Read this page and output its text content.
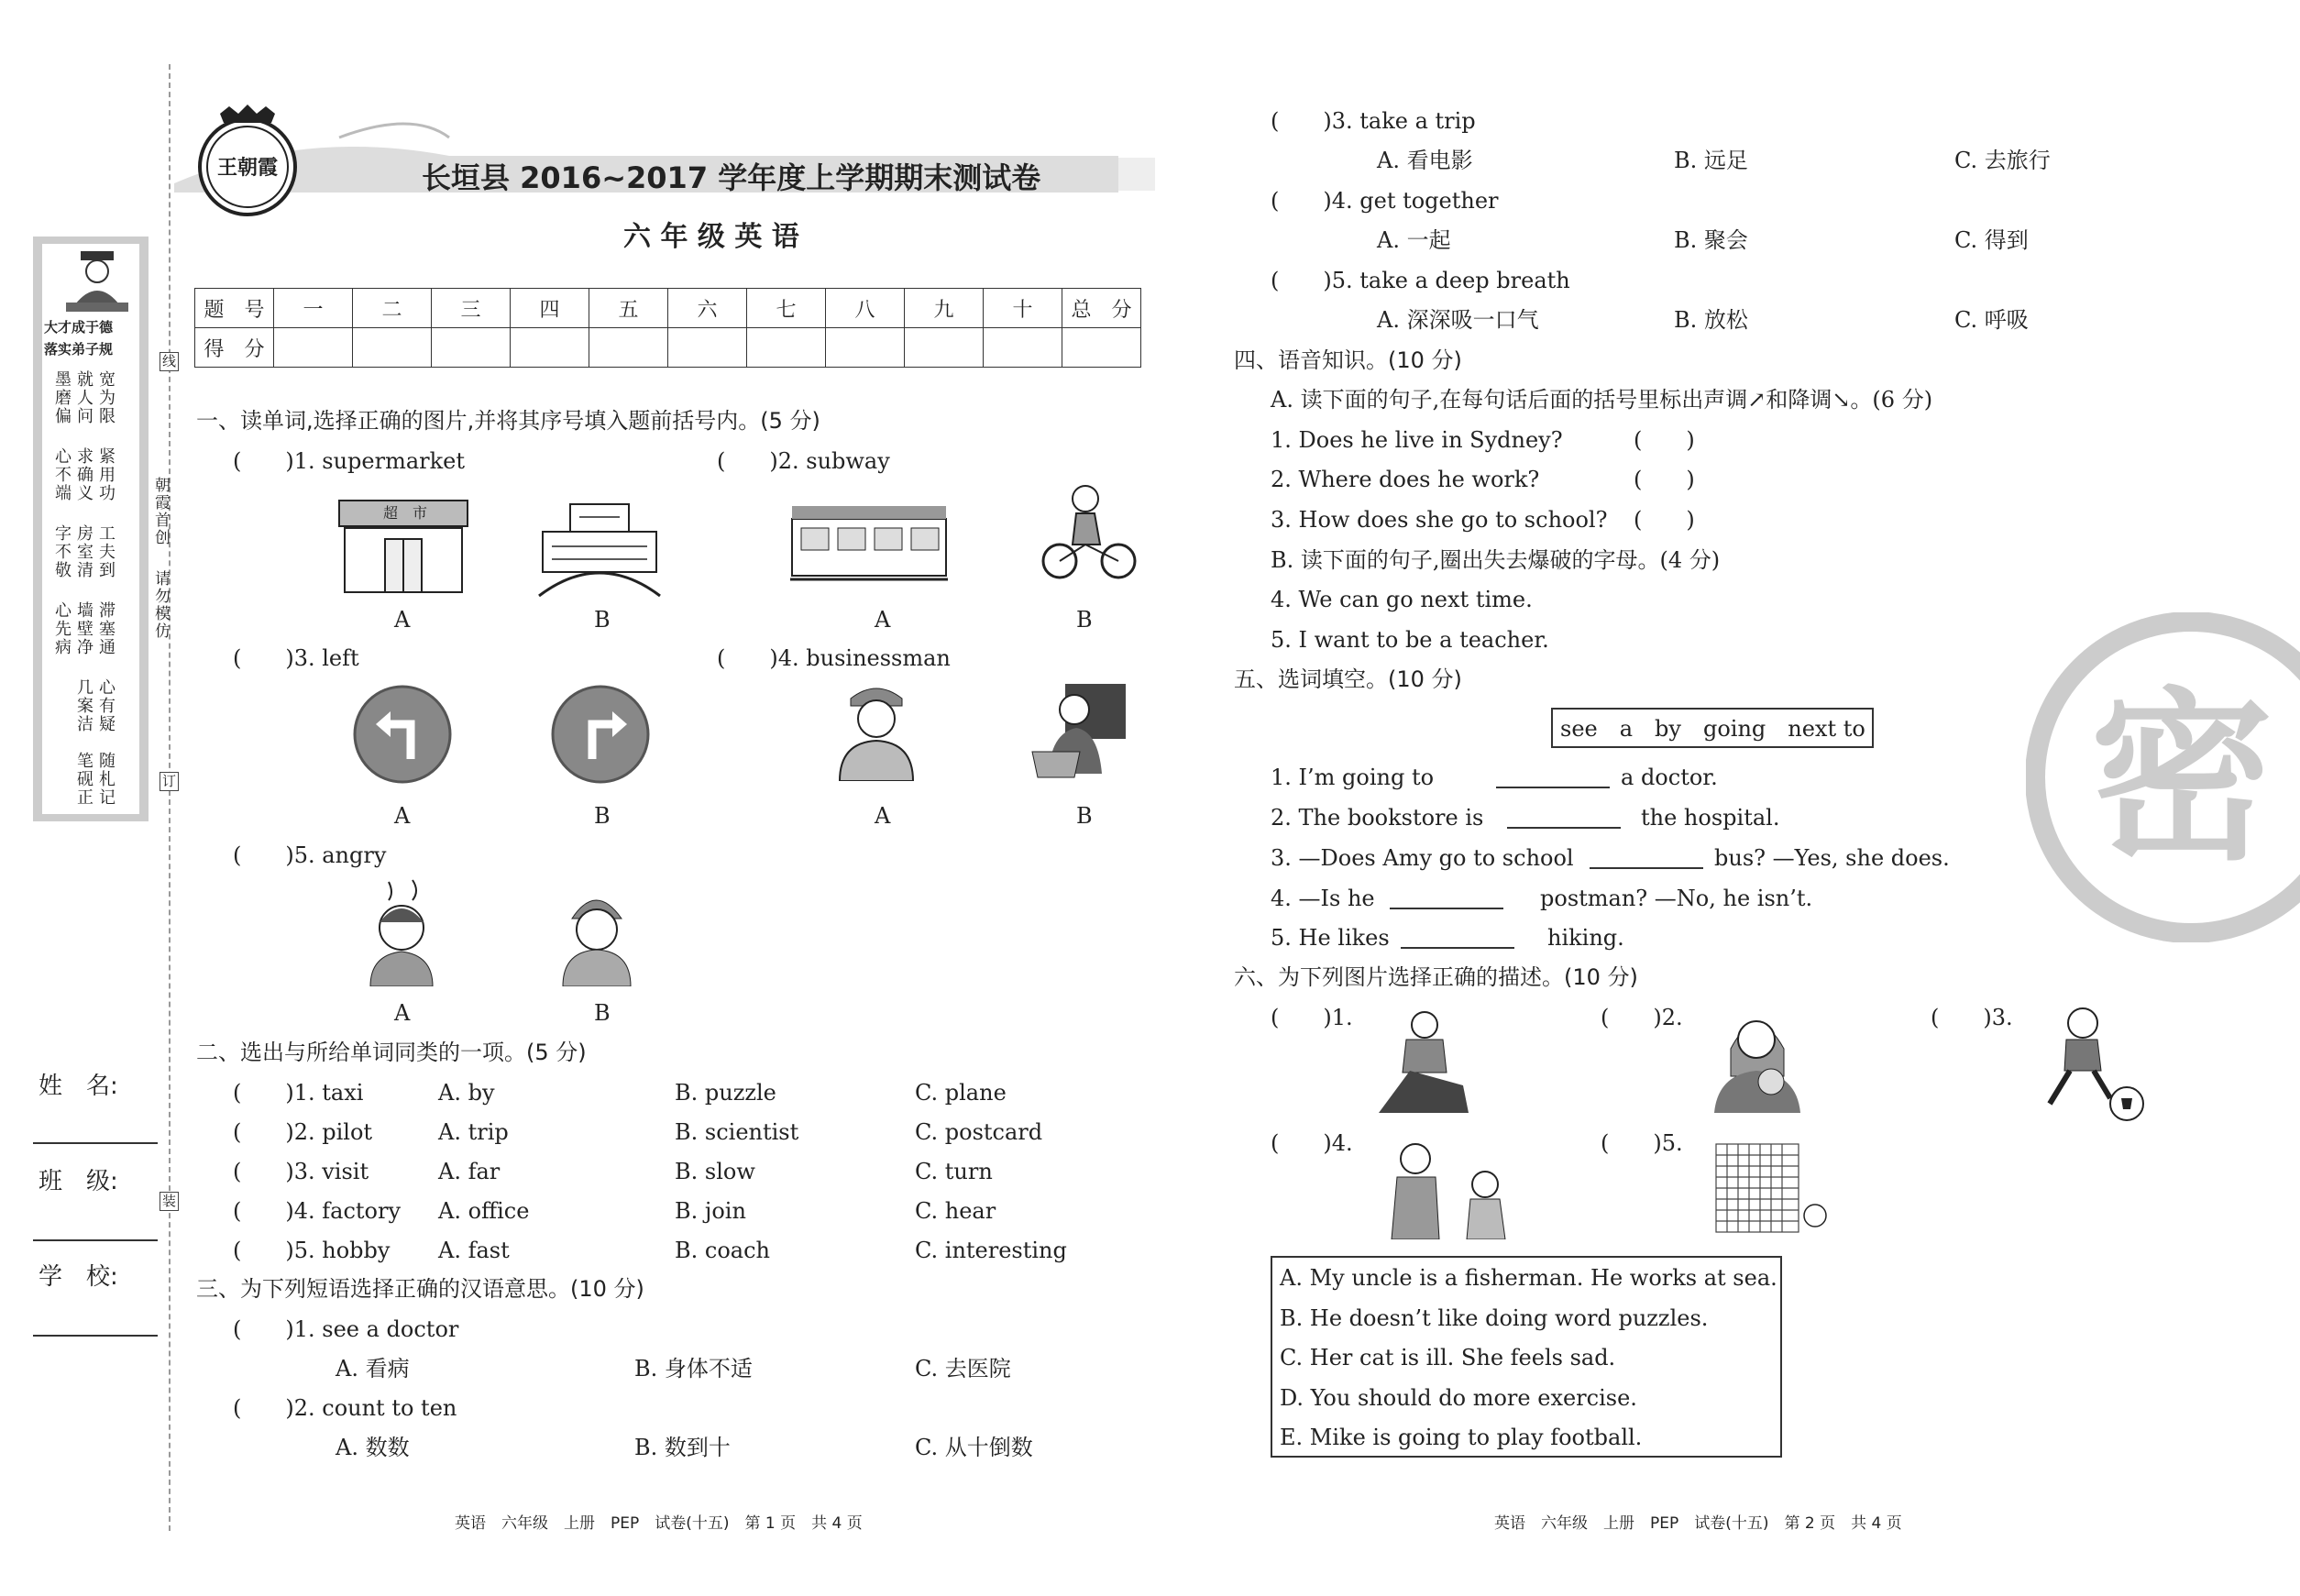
大才成于德
落实弟子规
墨磨偏 就人问 宽为限
心不端 求确义 紧用功
字不敬 房室清 工夫到
心先病 墙壁净 滞塞通
几案洁 心有疑
笔砚正 随札记
朝霞首创
请勿模仿
线
订
装
姓　名:
班　级:
学　校:
王朝霞	长垣县 2016~2017 学年度上学期期末测试卷
六 年 级 英 语
题　号	一	二	三	四	五	六	七	八	九	十	总　分
得　分											
一、读单词,选择正确的图片,并将其序号填入题前括号内。(5 分)
(　　)1. supermarket	(　　)2. subway
超　市
A	B	A	B
(　　)3. left	(　　)4. businessman
A	B	A	B
(　　)5. angry
A	B
二、选出与所给单词同类的一项。(5 分)
(　　)1. taxi	A. by	B. puzzle	C. plane
(　　)2. pilot	A. trip	B. scientist	C. postcard
(　　)3. visit	A. far	B. slow	C. turn
(　　)4. factory A. office	B. join	C. hear
(　　)5. hobby A. fast	B. coach	C. interesting
三、为下列短语选择正确的汉语意思。(10 分)
(　　)1. see a doctor
A. 看病	B. 身体不适	C. 去医院
(　　)2. count to ten
A. 数数	B. 数到十	C. 从十倒数
英语　六年级　上册　PEP　试卷(十五)　第 1 页　共 4 页
(　　)3. take a trip
A. 看电影	B. 远足	C. 去旅行
(　　)4. get together
A. 一起	B. 聚会	C. 得到
(　　)5. take a deep breath
A. 深深吸一口气	B. 放松	C. 呼吸
四、语音知识。(10 分)
A. 读下面的句子,在每句话后面的括号里标出声调↗和降调↘。(6 分)
1. Does he live in Sydney?	(　　)
2. Where does he work?	(　　)
3. How does she go to school? (　　)
B. 读下面的句子,圈出失去爆破的字母。(4 分)
4. We can go next time.
5. I want to be a teacher.
密
五、选词填空。(10 分)
see　a　by　going　next to
1. I’m going to	a doctor.
2. The bookstore is	the hospital.
3. —Does Amy go to school	bus? —Yes, she does.
4. —Is he	postman? —No, he isn’t.
5. He likes	hiking.
六、为下列图片选择正确的描述。(10 分)
(　　)1.	(　　)2.	(　　)3.
(　　)4.	(　　)5.
A. My uncle is a fisherman. He works at sea.
B. He doesn’t like doing word puzzles.
C. Her cat is ill. She feels sad.
D. You should do more exercise.
E. Mike is going to play football.
英语　六年级　上册　PEP　试卷(十五)　第 2 页　共 4 页
